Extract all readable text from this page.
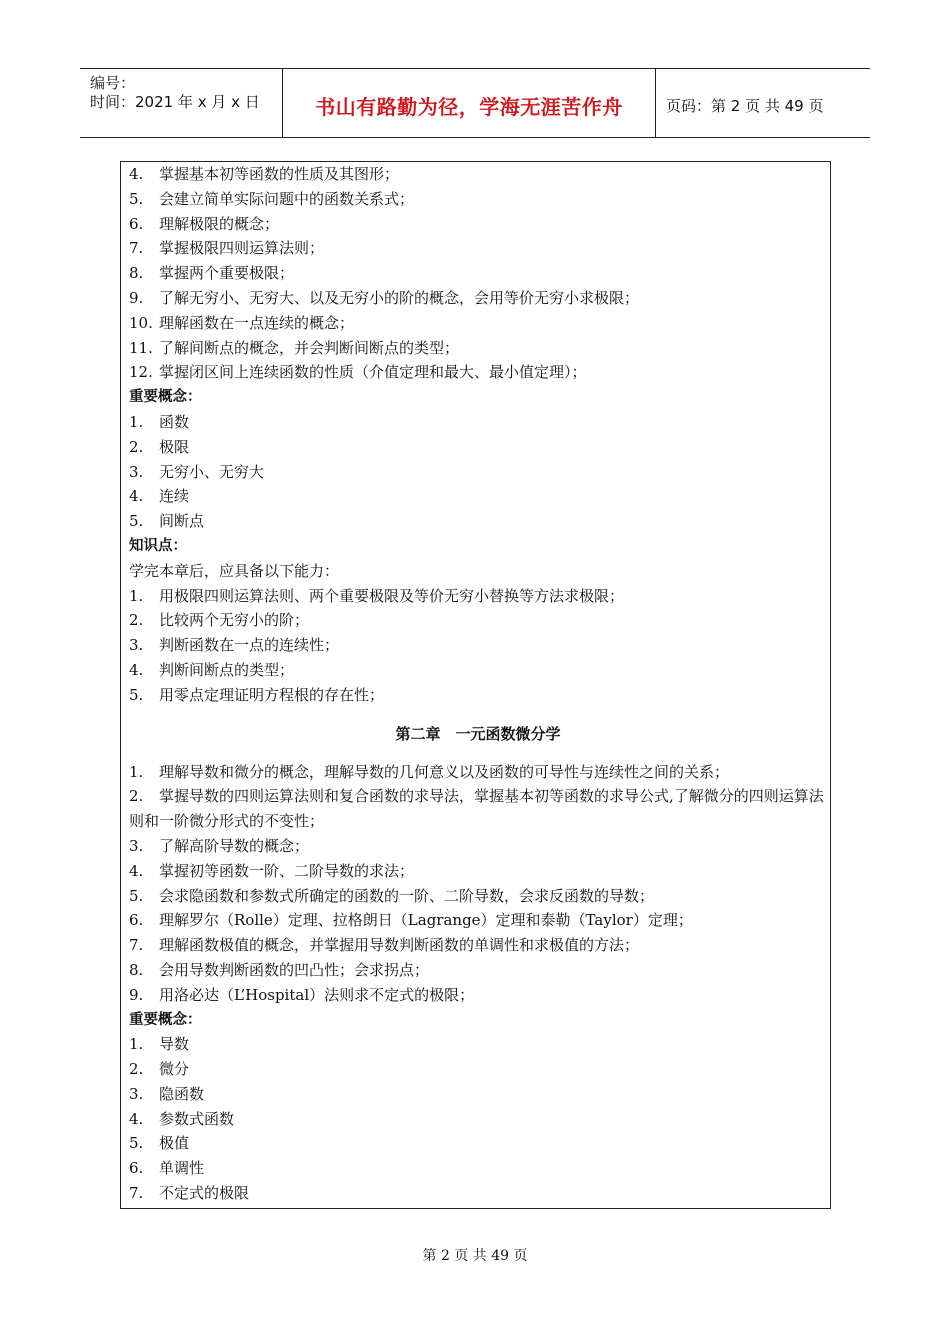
编号：
时间：2021 年 x 月 x 日	书山有路勤为径，学海无涯苦作舟	页码：第 2 页 共 49 页
4. 掌握基本初等函数的性质及其图形；
5. 会建立简单实际问题中的函数关系式；
6. 理解极限的概念；
7. 掌握极限四则运算法则；
8. 掌握两个重要极限；
9. 了解无穷小、无穷大、以及无穷小的阶的概念，会用等价无穷小求极限；
10. 理解函数在一点连续的概念；
11. 了解间断点的概念，并会判断间断点的类型；
12. 掌握闭区间上连续函数的性质（介值定理和最大、最小值定理）；
重要概念：
1. 函数
2. 极限
3. 无穷小、无穷大
4. 连续
5. 间断点
知识点：
学完本章后，应具备以下能力：
1. 用极限四则运算法则、两个重要极限及等价无穷小替换等方法求极限；
2. 比较两个无穷小的阶；
3. 判断函数在一点的连续性；
4. 判断间断点的类型；
5. 用零点定理证明方程根的存在性；
第二章　一元函数微分学
1. 理解导数和微分的概念，理解导数的几何意义以及函数的可导性与连续性之间的关系；
2. 掌握导数的四则运算法则和复合函数的求导法，掌握基本初等函数的求导公式,了解微分的四则运算法则和一阶微分形式的不变性；
3. 了解高阶导数的概念；
4. 掌握初等函数一阶、二阶导数的求法；
5. 会求隐函数和参数式所确定的函数的一阶、二阶导数，会求反函数的导数；
6. 理解罗尔（Rolle）定理、拉格朗日（Lagrange）定理和泰勒（Taylor）定理；
7. 理解函数极值的概念，并掌握用导数判断函数的单调性和求极值的方法；
8. 会用导数判断函数的凹凸性；会求拐点；
9. 用洛必达（L’Hospital）法则求不定式的极限；
重要概念：
1. 导数
2. 微分
3. 隐函数
4. 参数式函数
5. 极值
6. 单调性
7. 不定式的极限
第 2 页 共 49 页
